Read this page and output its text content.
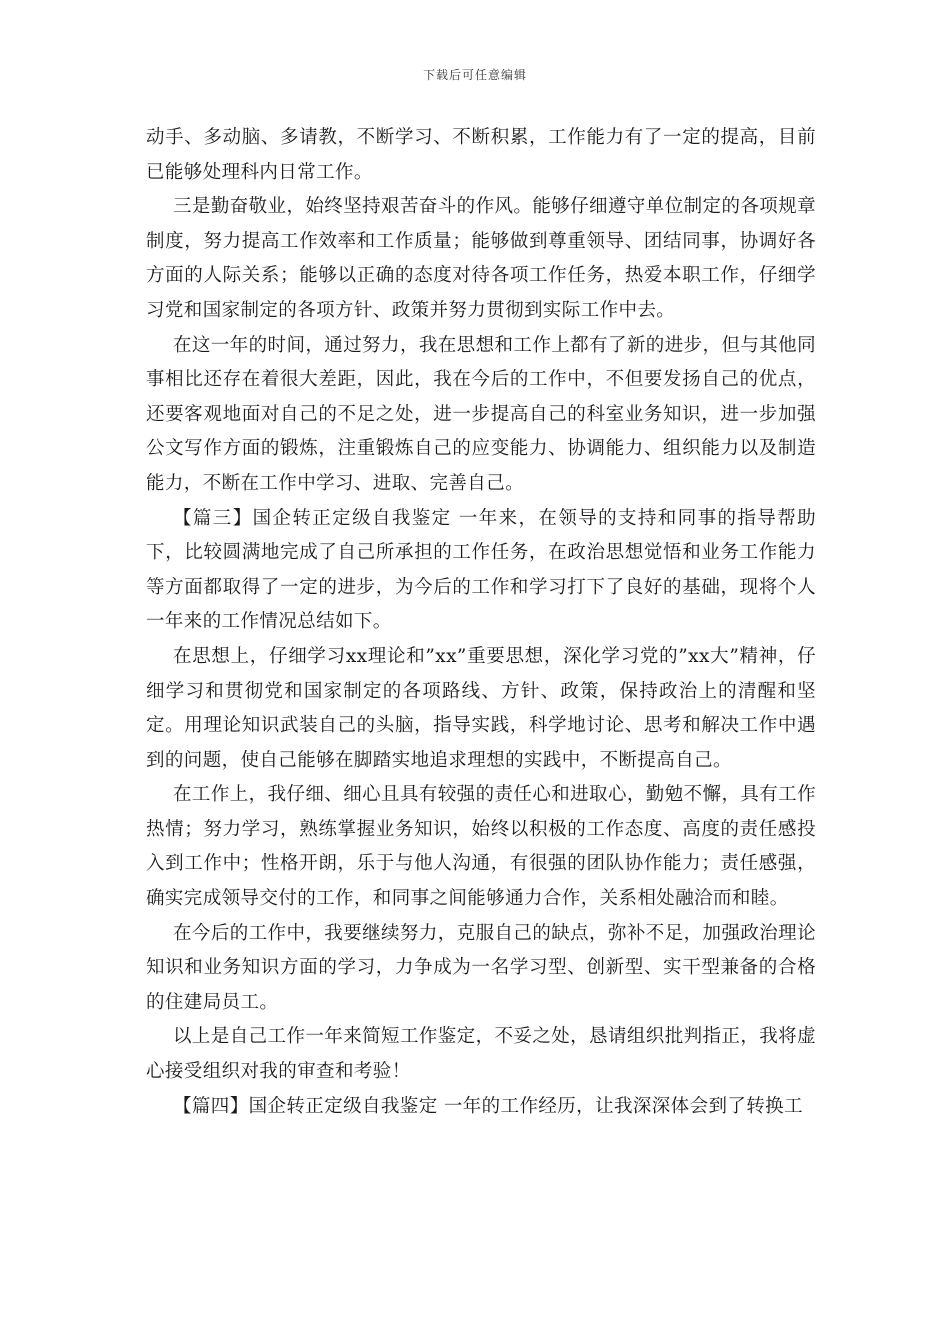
下载后可任意编辑

动手、多动脑、多请教，不断学习、不断积累，工作能力有了一定的提高，目前已能够处理科内日常工作。

三是勤奋敬业，始终坚持艰苦奋斗的作风。能够仔细遵守单位制定的各项规章制度，努力提高工作效率和工作质量；能够做到尊重领导、团结同事，协调好各方面的人际关系；能够以正确的态度对待各项工作任务，热爱本职工作，仔细学习党和国家制定的各项方针、政策并努力贯彻到实际工作中去。

在这一年的时间，通过努力，我在思想和工作上都有了新的进步，但与其他同事相比还存在着很大差距，因此，我在今后的工作中，不但要发扬自己的优点，还要客观地面对自己的不足之处，进一步提高自己的科室业务知识，进一步加强公文写作方面的锻炼，注重锻炼自己的应变能力、协调能力、组织能力以及制造能力，不断在工作中学习、进取、完善自己。

【篇三】国企转正定级自我鉴定 一年来，在领导的支持和同事的指导帮助下，比较圆满地完成了自己所承担的工作任务，在政治思想觉悟和业务工作能力等方面都取得了一定的进步，为今后的工作和学习打下了良好的基础，现将个人一年来的工作情况总结如下。

在思想上，仔细学习xx理论和”xx”重要思想，深化学习党的”xx大”精神，仔细学习和贯彻党和国家制定的各项路线、方针、政策，保持政治上的清醒和坚定。用理论知识武装自己的头脑，指导实践，科学地讨论、思考和解决工作中遇到的问题，使自己能够在脚踏实地追求理想的实践中，不断提高自己。

在工作上，我仔细、细心且具有较强的责任心和进取心，勤勉不懈，具有工作热情；努力学习，熟练掌握业务知识，始终以积极的工作态度、高度的责任感投入到工作中；性格开朗，乐于与他人沟通，有很强的团队协作能力；责任感强，确实完成领导交付的工作，和同事之间能够通力合作，关系相处融洽而和睦。

在今后的工作中，我要继续努力，克服自己的缺点，弥补不足，加强政治理论知识和业务知识方面的学习，力争成为一名学习型、创新型、实干型兼备的合格的住建局员工。

以上是自己工作一年来简短工作鉴定，不妥之处，恳请组织批判指正，我将虚心接受组织对我的审查和考验！

【篇四】国企转正定级自我鉴定 一年的工作经历，让我深深体会到了转换工
